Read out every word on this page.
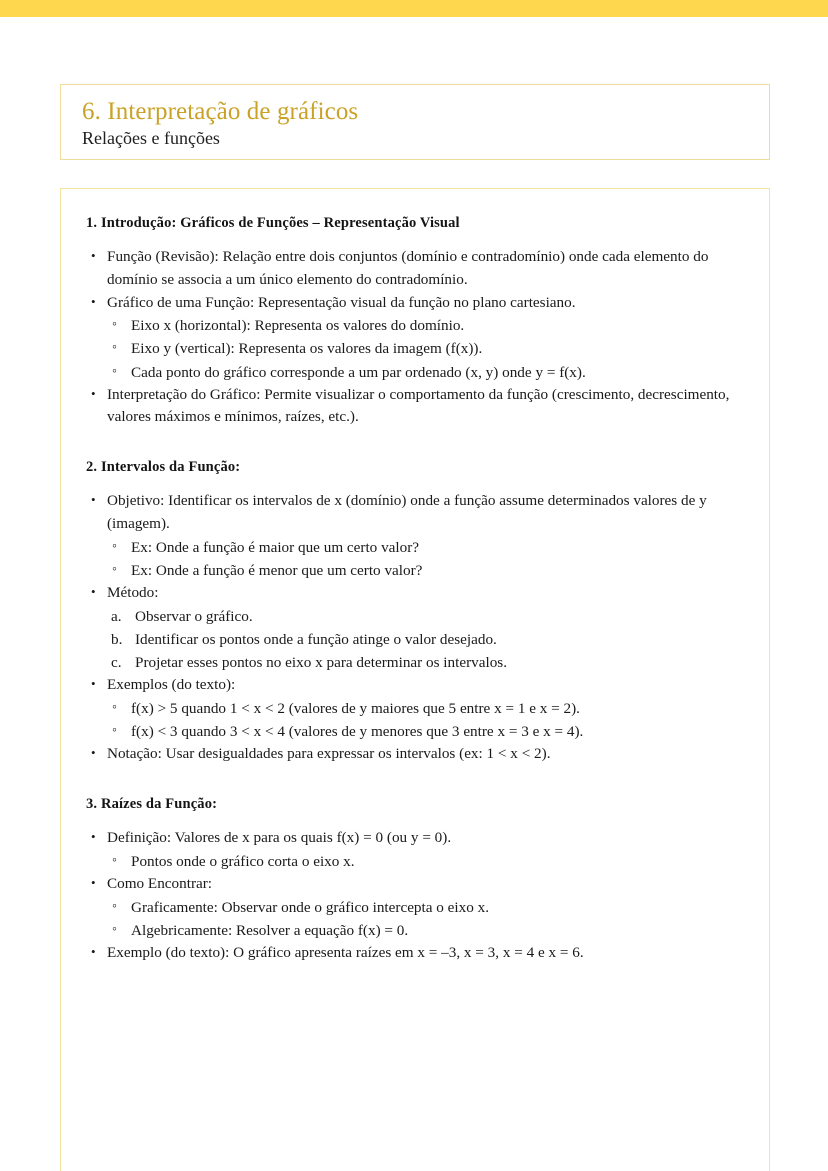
6. Interpretação de gráficos
Relações e funções
1. Introdução: Gráficos de Funções – Representação Visual
• Função (Revisão): Relação entre dois conjuntos (domínio e contradomínio) onde cada elemento do domínio se associa a um único elemento do contradomínio.
• Gráfico de uma Função: Representação visual da função no plano cartesiano.
◦ Eixo x (horizontal): Representa os valores do domínio.
◦ Eixo y (vertical): Representa os valores da imagem (f(x)).
◦ Cada ponto do gráfico corresponde a um par ordenado (x, y) onde y = f(x).
• Interpretação do Gráfico: Permite visualizar o comportamento da função (crescimento, decrescimento, valores máximos e mínimos, raízes, etc.).
2. Intervalos da Função:
• Objetivo: Identificar os intervalos de x (domínio) onde a função assume determinados valores de y (imagem).
◦ Ex: Onde a função é maior que um certo valor?
◦ Ex: Onde a função é menor que um certo valor?
• Método:
a. Observar o gráfico.
b. Identificar os pontos onde a função atinge o valor desejado.
c. Projetar esses pontos no eixo x para determinar os intervalos.
• Exemplos (do texto):
◦ f(x) > 5 quando 1 < x < 2 (valores de y maiores que 5 entre x = 1 e x = 2).
◦ f(x) < 3 quando 3 < x < 4 (valores de y menores que 3 entre x = 3 e x = 4).
• Notação: Usar desigualdades para expressar os intervalos (ex: 1 < x < 2).
3. Raízes da Função:
• Definição: Valores de x para os quais f(x) = 0 (ou y = 0).
◦ Pontos onde o gráfico corta o eixo x.
• Como Encontrar:
◦ Graficamente: Observar onde o gráfico intercepta o eixo x.
◦ Algebricamente: Resolver a equação f(x) = 0.
• Exemplo (do texto): O gráfico apresenta raízes em x = –3, x = 3, x = 4 e x = 6.
